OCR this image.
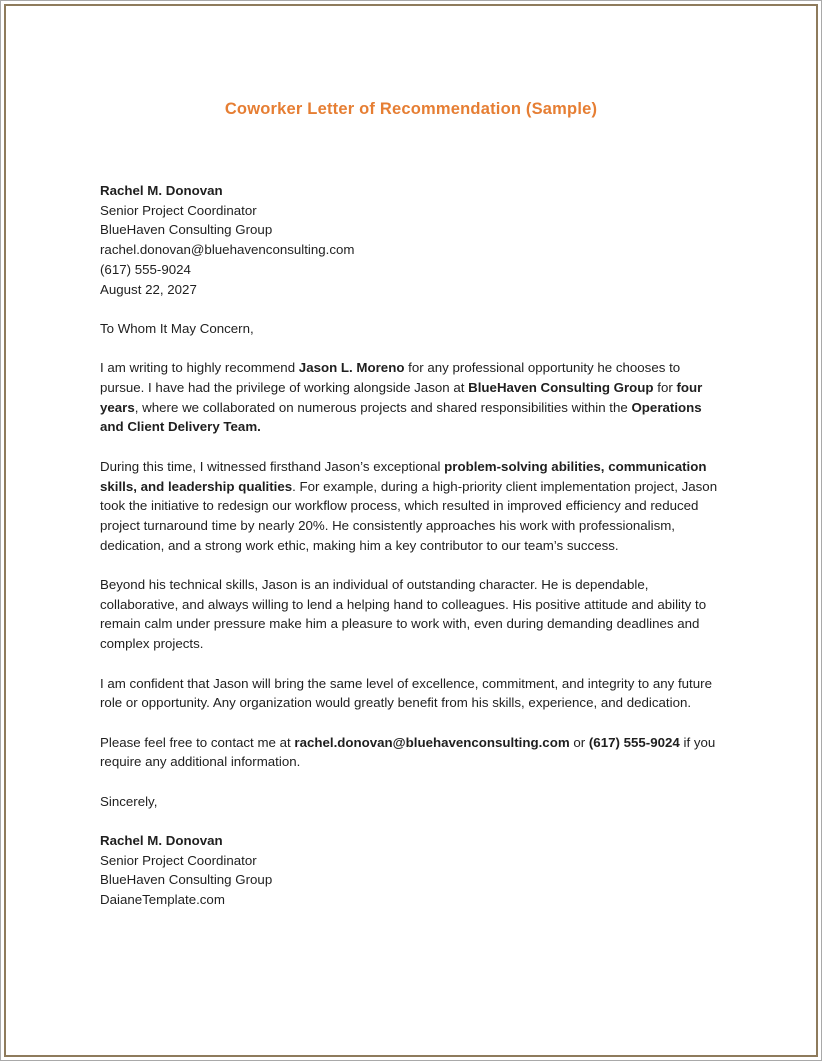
Coworker Letter of Recommendation (Sample)

Rachel M. Donovan

Senior Project Coordinator

BlueHaven Consulting Group

rachel.donovan@bluehavenconsulting.com

(617) 555-9024

August 22, 2027

To Whom It May Concern,

I am writing to highly recommend Jason L. Moreno for any professional opportunity he chooses to pursue. I have had the privilege of working alongside Jason at BlueHaven Consulting Group for four years, where we collaborated on numerous projects and shared responsibilities within the Operations and Client Delivery Team.

During this time, I witnessed firsthand Jason’s exceptional problem-solving abilities, communication skills, and leadership qualities. For example, during a high-priority client implementation project, Jason took the initiative to redesign our workflow process, which resulted in improved efficiency and reduced project turnaround time by nearly 20%. He consistently approaches his work with professionalism, dedication, and a strong work ethic, making him a key contributor to our team’s success.

Beyond his technical skills, Jason is an individual of outstanding character. He is dependable, collaborative, and always willing to lend a helping hand to colleagues. His positive attitude and ability to remain calm under pressure make him a pleasure to work with, even during demanding deadlines and complex projects.

I am confident that Jason will bring the same level of excellence, commitment, and integrity to any future role or opportunity. Any organization would greatly benefit from his skills, experience, and dedication.

Please feel free to contact me at rachel.donovan@bluehavenconsulting.com or (617) 555-9024 if you require any additional information.

Sincerely,

Rachel M. Donovan

Senior Project Coordinator

BlueHaven Consulting Group

DaianeTemplate.com
